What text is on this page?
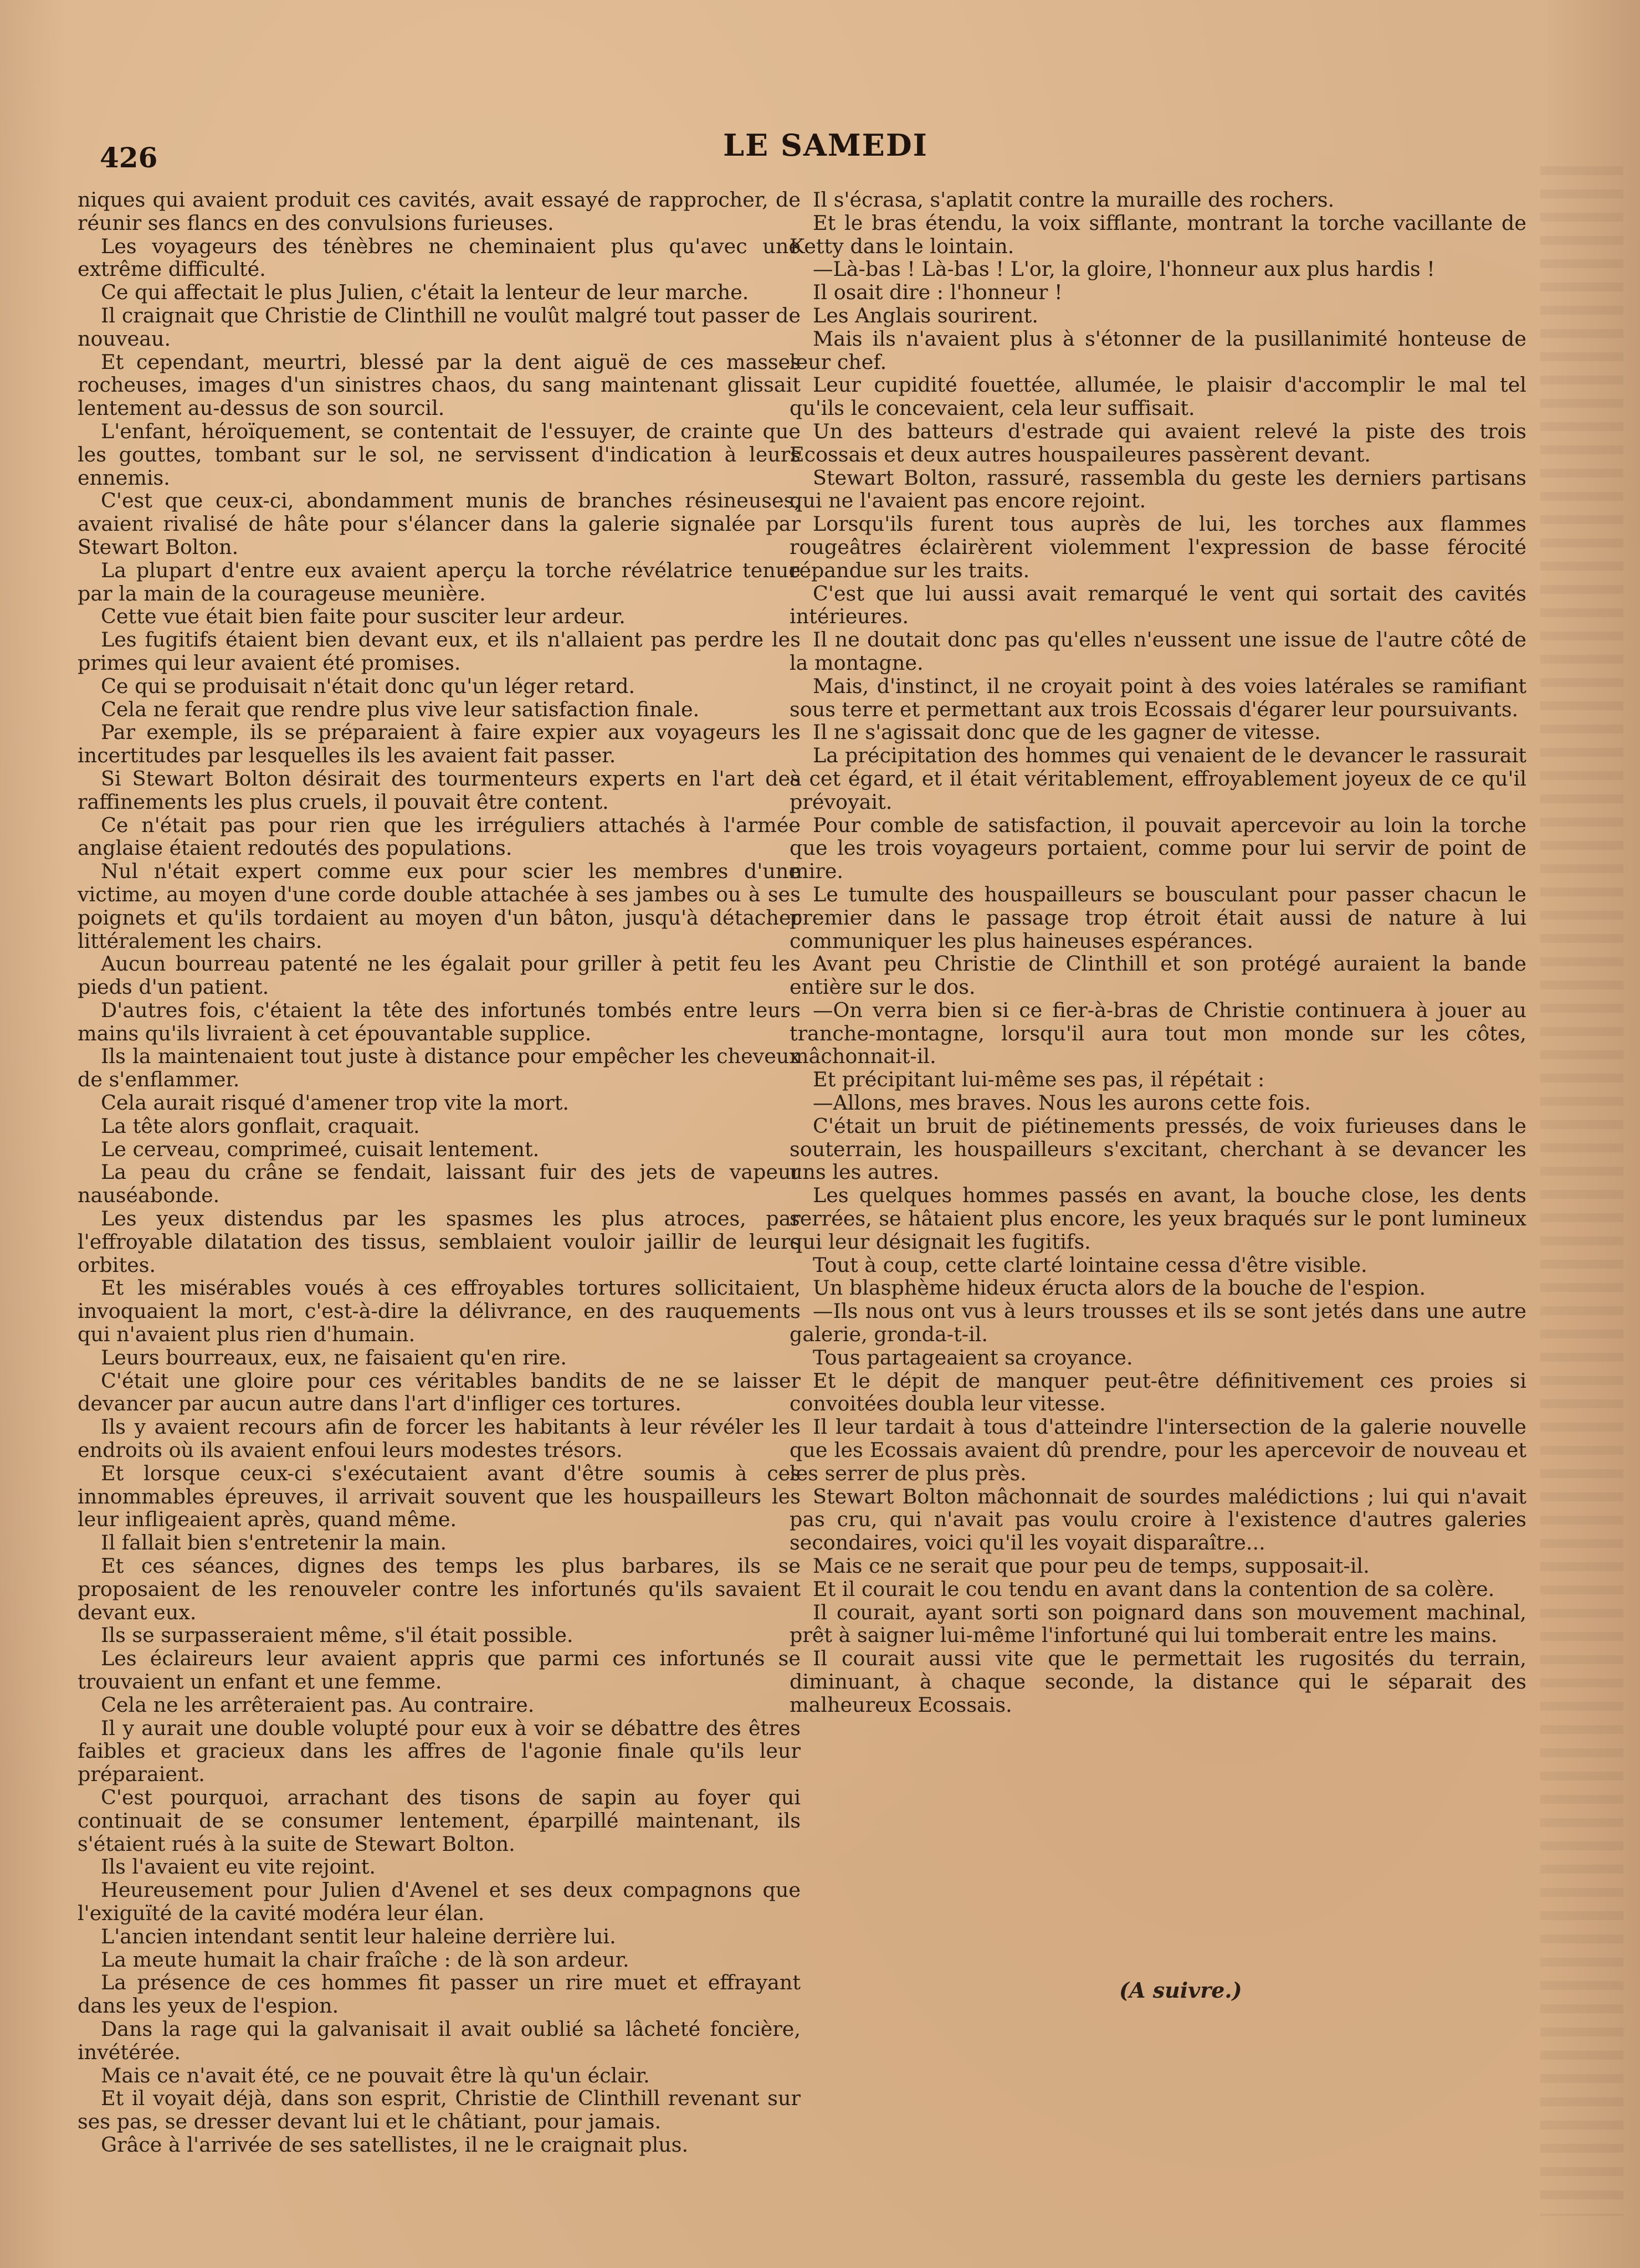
426	LE SAMEDI

niques qui avaient produit ces cavités, avait essayé de rapprocher, de réunir ses flancs en des convulsions furieuses.

Les voyageurs des ténèbres ne cheminaient plus qu'avec une extrême difficulté.

Ce qui affectait le plus Julien, c'était la lenteur de leur marche.

Il craignait que Christie de Clinthill ne voulût malgré tout passer de nouveau.

Et cependant, meurtri, blessé par la dent aiguë de ces masses rocheuses, images d'un sinistres chaos, du sang maintenant glissait lentement au-dessus de son sourcil.

L'enfant, héroïquement, se contentait de l'essuyer, de crainte que les gouttes, tombant sur le sol, ne servissent d'indication à leurs ennemis.

C'est que ceux-ci, abondamment munis de branches résineuses, avaient rivalisé de hâte pour s'élancer dans la galerie signalée par Stewart Bolton.

La plupart d'entre eux avaient aperçu la torche révélatrice tenue par la main de la courageuse meunière.

Cette vue était bien faite pour susciter leur ardeur.

Les fugitifs étaient bien devant eux, et ils n'allaient pas perdre les primes qui leur avaient été promises.

Ce qui se produisait n'était donc qu'un léger retard.

Cela ne ferait que rendre plus vive leur satisfaction finale.

Par exemple, ils se préparaient à faire expier aux voyageurs les incertitudes par lesquelles ils les avaient fait passer.

Si Stewart Bolton désirait des tourmenteurs experts en l'art des raffinements les plus cruels, il pouvait être content.

Ce n'était pas pour rien que les irréguliers attachés à l'armée anglaise étaient redoutés des populations.

Nul n'était expert comme eux pour scier les membres d'une victime, au moyen d'une corde double attachée à ses jambes ou à ses poignets et qu'ils tordaient au moyen d'un bâton, jusqu'à détacher littéralement les chairs.

Aucun bourreau patenté ne les égalait pour griller à petit feu les pieds d'un patient.

D'autres fois, c'étaient la tête des infortunés tombés entre leurs mains qu'ils livraient à cet épouvantable supplice.

Ils la maintenaient tout juste à distance pour empêcher les cheveux de s'enflammer.

Cela aurait risqué d'amener trop vite la mort.

La tête alors gonflait, craquait.

Le cerveau, comprimeé, cuisait lentement.

La peau du crâne se fendait, laissant fuir des jets de vapeur nauséabonde.

Les yeux distendus par les spasmes les plus atroces, par l'effroyable dilatation des tissus, semblaient vouloir jaillir de leurs orbites.

Et les misérables voués à ces effroyables tortures sollicitaient, invoquaient la mort, c'est-à-dire la délivrance, en des rauquements qui n'avaient plus rien d'humain.

Leurs bourreaux, eux, ne faisaient qu'en rire.

C'était une gloire pour ces véritables bandits de ne se laisser devancer par aucun autre dans l'art d'infliger ces tortures.

Ils y avaient recours afin de forcer les habitants à leur révéler les endroits où ils avaient enfoui leurs modestes trésors.

Et lorsque ceux-ci s'exécutaient avant d'être soumis à ces innommables épreuves, il arrivait souvent que les houspailleurs les leur infligeaient après, quand même.

Il fallait bien s'entretenir la main.

Et ces séances, dignes des temps les plus barbares, ils se proposaient de les renouveler contre les infortunés qu'ils savaient devant eux.

Ils se surpasseraient même, s'il était possible.

Les éclaireurs leur avaient appris que parmi ces infortunés se trouvaient un enfant et une femme.

Cela ne les arrêteraient pas. Au contraire.

Il y aurait une double volupté pour eux à voir se débattre des êtres faibles et gracieux dans les affres de l'agonie finale qu'ils leur préparaient.

C'est pourquoi, arrachant des tisons de sapin au foyer qui continuait de se consumer lentement, éparpillé maintenant, ils s'étaient rués à la suite de Stewart Bolton.

Ils l'avaient eu vite rejoint.

Heureusement pour Julien d'Avenel et ses deux compagnons que l'exiguïté de la cavité modéra leur élan.

L'ancien intendant sentit leur haleine derrière lui.

La meute humait la chair fraîche : de là son ardeur.

La présence de ces hommes fit passer un rire muet et effrayant dans les yeux de l'espion.

Dans la rage qui la galvanisait il avait oublié sa lâcheté foncière, invétérée.

Mais ce n'avait été, ce ne pouvait être là qu'un éclair.

Et il voyait déjà, dans son esprit, Christie de Clinthill revenant sur ses pas, se dresser devant lui et le châtiant, pour jamais.

Grâce à l'arrivée de ses satellistes, il ne le craignait plus.

Il s'écrasa, s'aplatit contre la muraille des rochers.

Et le bras étendu, la voix sifflante, montrant la torche vacillante de Ketty dans le lointain.

—Là-bas ! Là-bas ! L'or, la gloire, l'honneur aux plus hardis !

Il osait dire : l'honneur !

Les Anglais sourirent.

Mais ils n'avaient plus à s'étonner de la pusillanimité honteuse de leur chef.

Leur cupidité fouettée, allumée, le plaisir d'accomplir le mal tel qu'ils le concevaient, cela leur suffisait.

Un des batteurs d'estrade qui avaient relevé la piste des trois Ecossais et deux autres houspaileures passèrent devant.

Stewart Bolton, rassuré, rassembla du geste les derniers partisans qui ne l'avaient pas encore rejoint.

Lorsqu'ils furent tous auprès de lui, les torches aux flammes rougeâtres éclairèrent violemment l'expression de basse férocité répandue sur les traits.

C'est que lui aussi avait remarqué le vent qui sortait des cavités intérieures.

Il ne doutait donc pas qu'elles n'eussent une issue de l'autre côté de la montagne.

Mais, d'instinct, il ne croyait point à des voies latérales se ramifiant sous terre et permettant aux trois Ecossais d'égarer leur poursuivants.

Il ne s'agissait donc que de les gagner de vitesse.

La précipitation des hommes qui venaient de le devancer le rassurait à cet égard, et il était véritablement, effroyablement joyeux de ce qu'il prévoyait.

Pour comble de satisfaction, il pouvait apercevoir au loin la torche que les trois voyageurs portaient, comme pour lui servir de point de mire.

Le tumulte des houspailleurs se bousculant pour passer chacun le premier dans le passage trop étroit était aussi de nature à lui communiquer les plus haineuses espérances.

Avant peu Christie de Clinthill et son protégé auraient la bande entière sur le dos.

—On verra bien si ce fier-à-bras de Christie continuera à jouer au tranche-montagne, lorsqu'il aura tout mon monde sur les côtes, mâchonnait-il.

Et précipitant lui-même ses pas, il répétait :

—Allons, mes braves. Nous les aurons cette fois.

C'était un bruit de piétinements pressés, de voix furieuses dans le souterrain, les houspailleurs s'excitant, cherchant à se devancer les uns les autres.

Les quelques hommes passés en avant, la bouche close, les dents serrées, se hâtaient plus encore, les yeux braqués sur le pont lumineux qui leur désignait les fugitifs.

Tout à coup, cette clarté lointaine cessa d'être visible.

Un blasphème hideux éructa alors de la bouche de l'espion.

—Ils nous ont vus à leurs trousses et ils se sont jetés dans une autre galerie, gronda-t-il.

Tous partageaient sa croyance.

Et le dépit de manquer peut-être définitivement ces proies si convoitées doubla leur vitesse.

Il leur tardait à tous d'atteindre l'intersection de la galerie nouvelle que les Ecossais avaient dû prendre, pour les apercevoir de nouveau et les serrer de plus près.

Stewart Bolton mâchonnait de sourdes malédictions ; lui qui n'avait pas cru, qui n'avait pas voulu croire à l'existence d'autres galeries secondaires, voici qu'il les voyait disparaître...

Mais ce ne serait que pour peu de temps, supposait-il.

Et il courait le cou tendu en avant dans la contention de sa colère.

Il courait, ayant sorti son poignard dans son mouvement machinal, prêt à saigner lui-même l'infortuné qui lui tomberait entre les mains.

Il courait aussi vite que le permettait les rugosités du terrain, diminuant, à chaque seconde, la distance qui le séparait des malheureux Ecossais.

(A suivre.)
